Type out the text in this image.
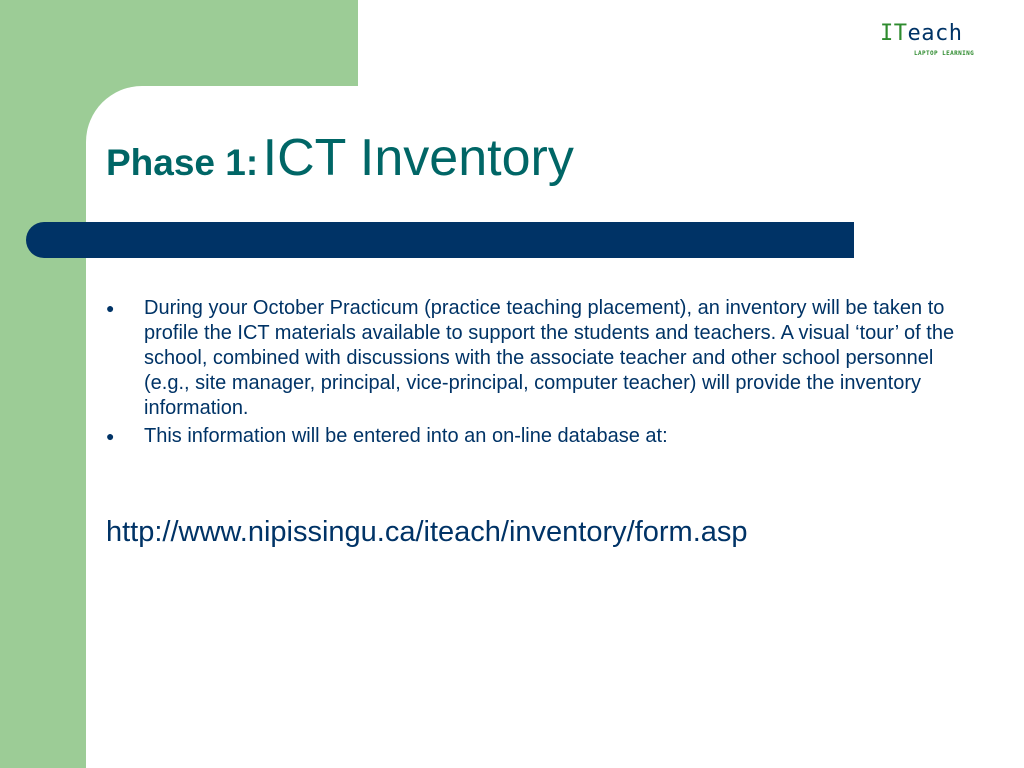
ITeach
LAPTOP LEARNING
Phase 1: ICT Inventory
● During your October Practicum (practice teaching placement), an inventory will be taken to profile the ICT materials available to support the students and teachers. A visual ‘tour’ of the school, combined with discussions with the associate teacher and other school personnel (e.g., site manager, principal, vice-principal, computer teacher) will provide the inventory information.
● This information will be entered into an on-line database at:
http://www.nipissingu.ca/iteach/inventory/form.asp
